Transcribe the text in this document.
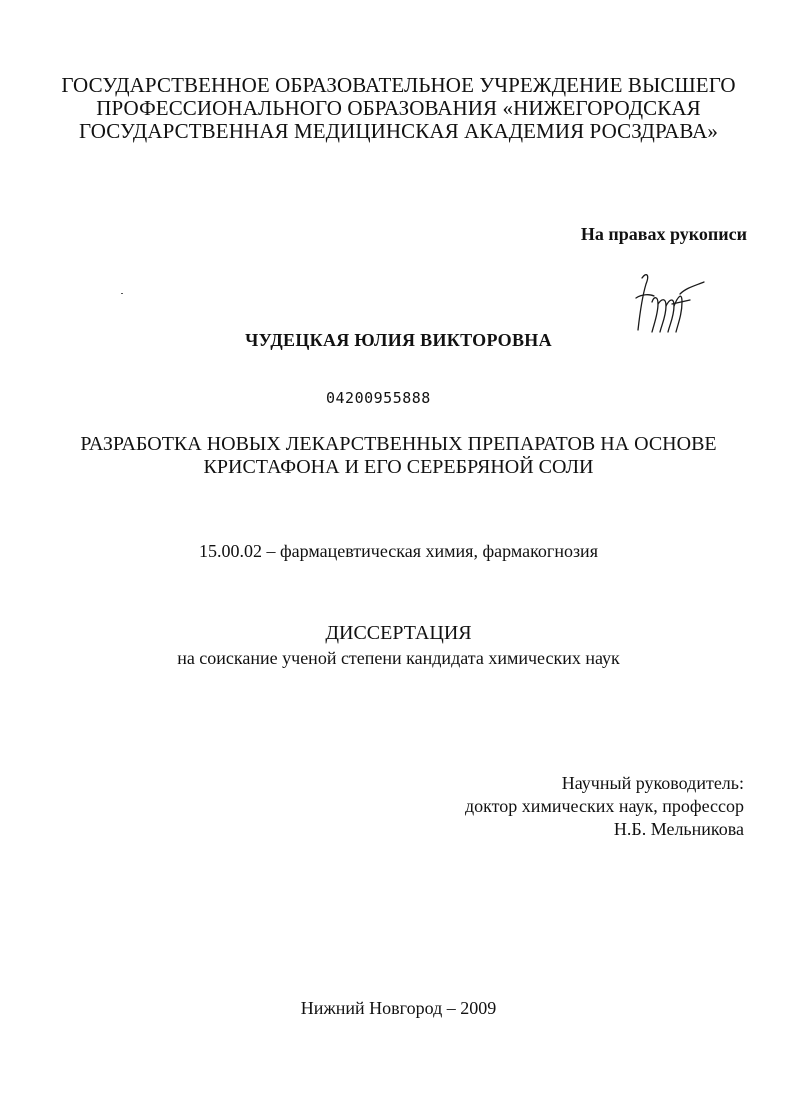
ГОСУДАРСТВЕННОЕ ОБРАЗОВАТЕЛЬНОЕ УЧРЕЖДЕНИЕ ВЫСШЕГО
ПРОФЕССИОНАЛЬНОГО ОБРАЗОВАНИЯ «НИЖЕГОРОДСКАЯ
ГОСУДАРСТВЕННАЯ МЕДИЦИНСКАЯ АКАДЕМИЯ РОСЗДРАВА»
На правах рукописи
ЧУДЕЦКАЯ ЮЛИЯ ВИКТОРОВНА
04200955888
РАЗРАБОТКА НОВЫХ ЛЕКАРСТВЕННЫХ ПРЕПАРАТОВ НА ОСНОВЕ
КРИСТАФОНА И ЕГО СЕРЕБРЯНОЙ СОЛИ
15.00.02 – фармацевтическая химия, фармакогнозия
ДИССЕРТАЦИЯ
на соискание ученой степени кандидата химических наук
Научный руководитель:
доктор химических наук, профессор
Н.Б. Мельникова
Нижний Новгород – 2009
